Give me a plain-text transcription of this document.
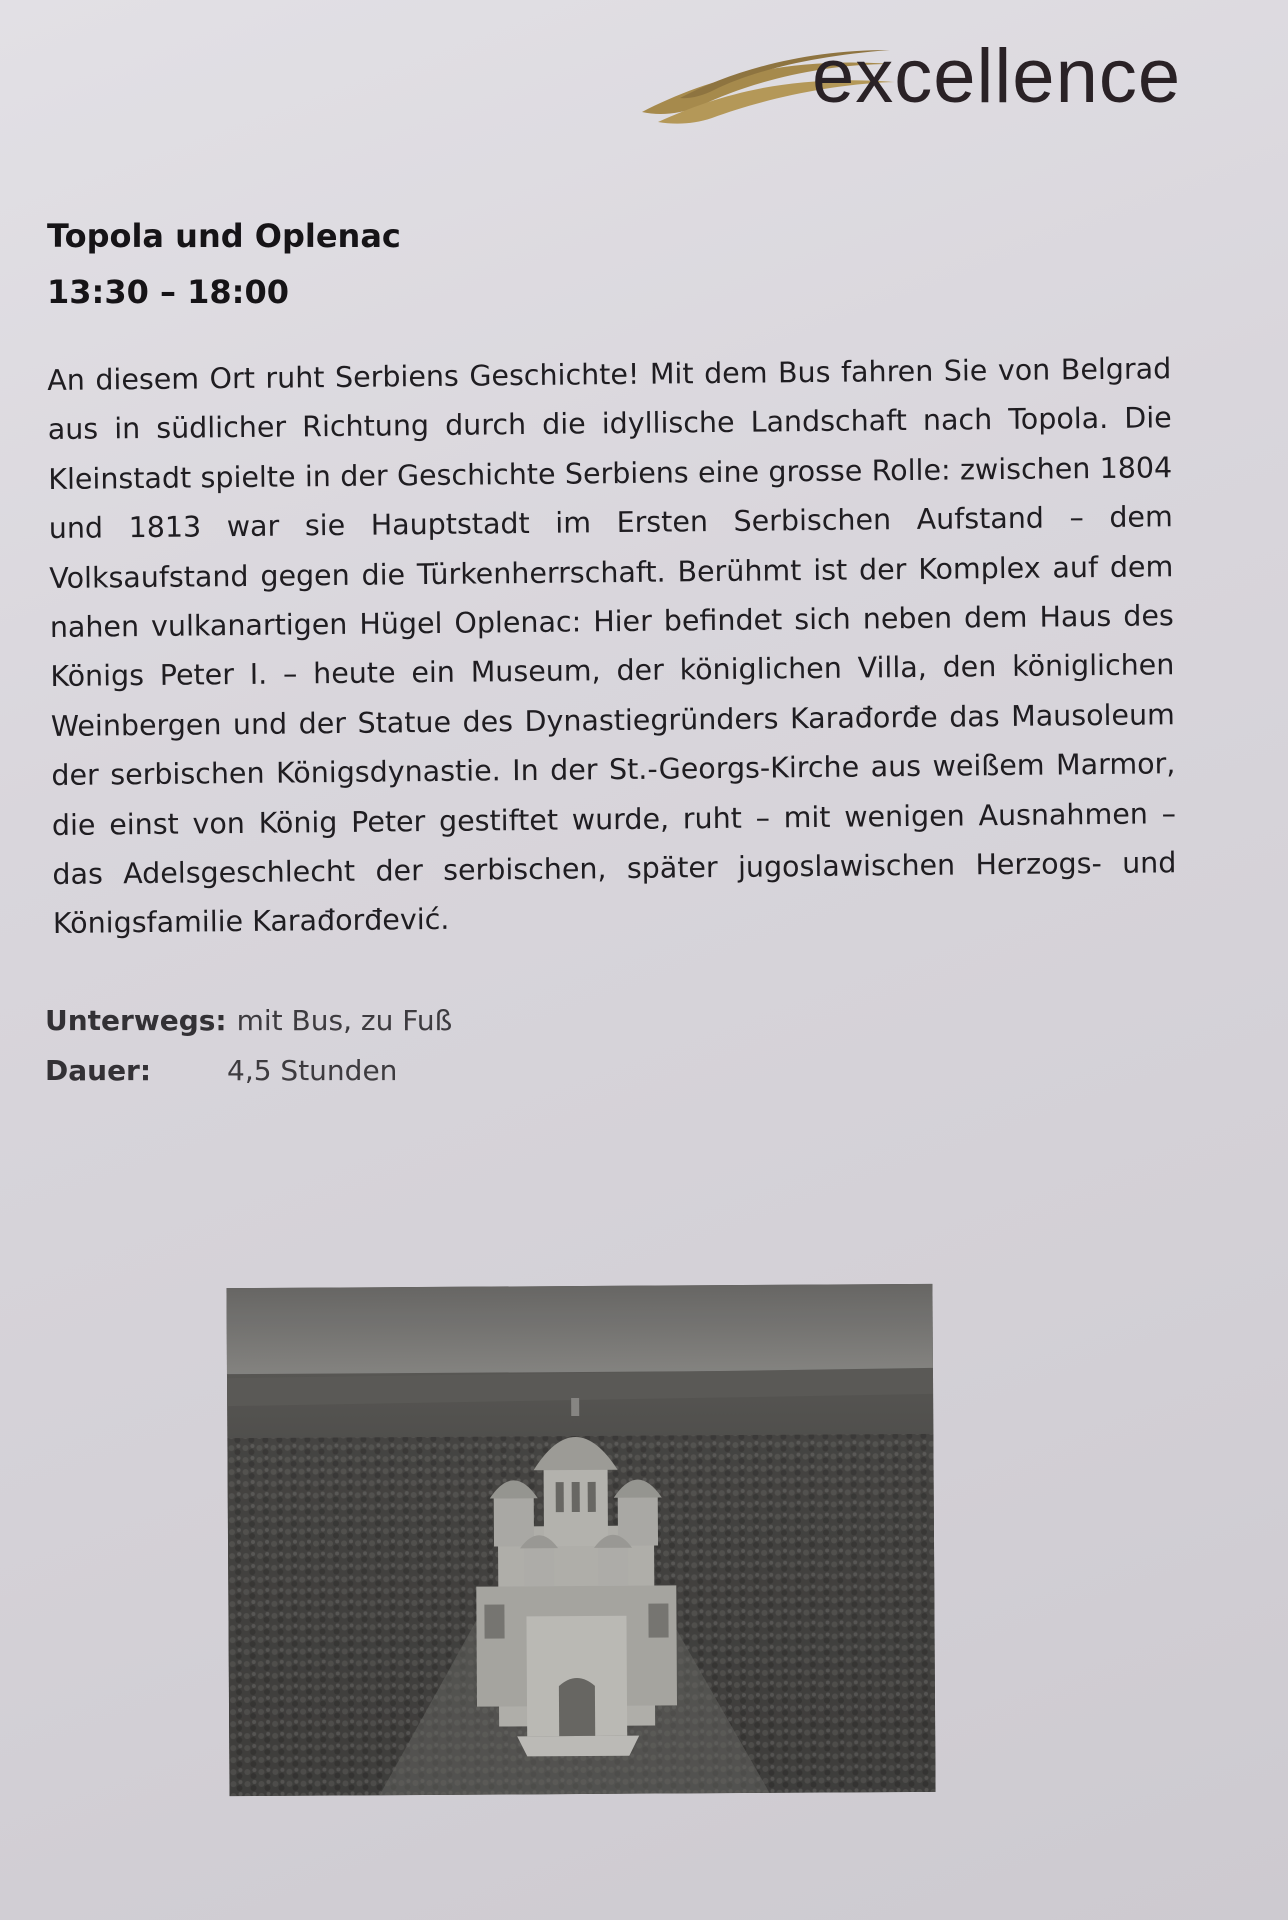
excellence
Topola und Oplenac
13:30 – 18:00
An diesem Ort ruht Serbiens Geschichte! Mit dem Bus fahren Sie von Belgrad aus in südlicher Richtung durch die idyllische Landschaft nach Topola. Die Kleinstadt spielte in der Geschichte Serbiens eine grosse Rolle: zwischen 1804 und 1813 war sie Hauptstadt im Ersten Serbischen Aufstand – dem Volksaufstand gegen die Türkenherrschaft. Berühmt ist der Komplex auf dem nahen vulkanartigen Hügel Oplenac: Hier befindet sich neben dem Haus des Königs Peter I. – heute ein Museum, der königlichen Villa, den königlichen Weinbergen und der Statue des Dynastiegründers Karađorđe das Mausoleum der serbischen Königsdynastie. In der St.-Georgs-Kirche aus weißem Marmor, die einst von König Peter gestiftet wurde, ruht – mit wenigen Ausnahmen – das Adelsgeschlecht der serbischen, später jugoslawischen Herzogs- und Königsfamilie Karađorđević.
Unterwegs: mit Bus, zu Fuß
Dauer:	4,5 Stunden
